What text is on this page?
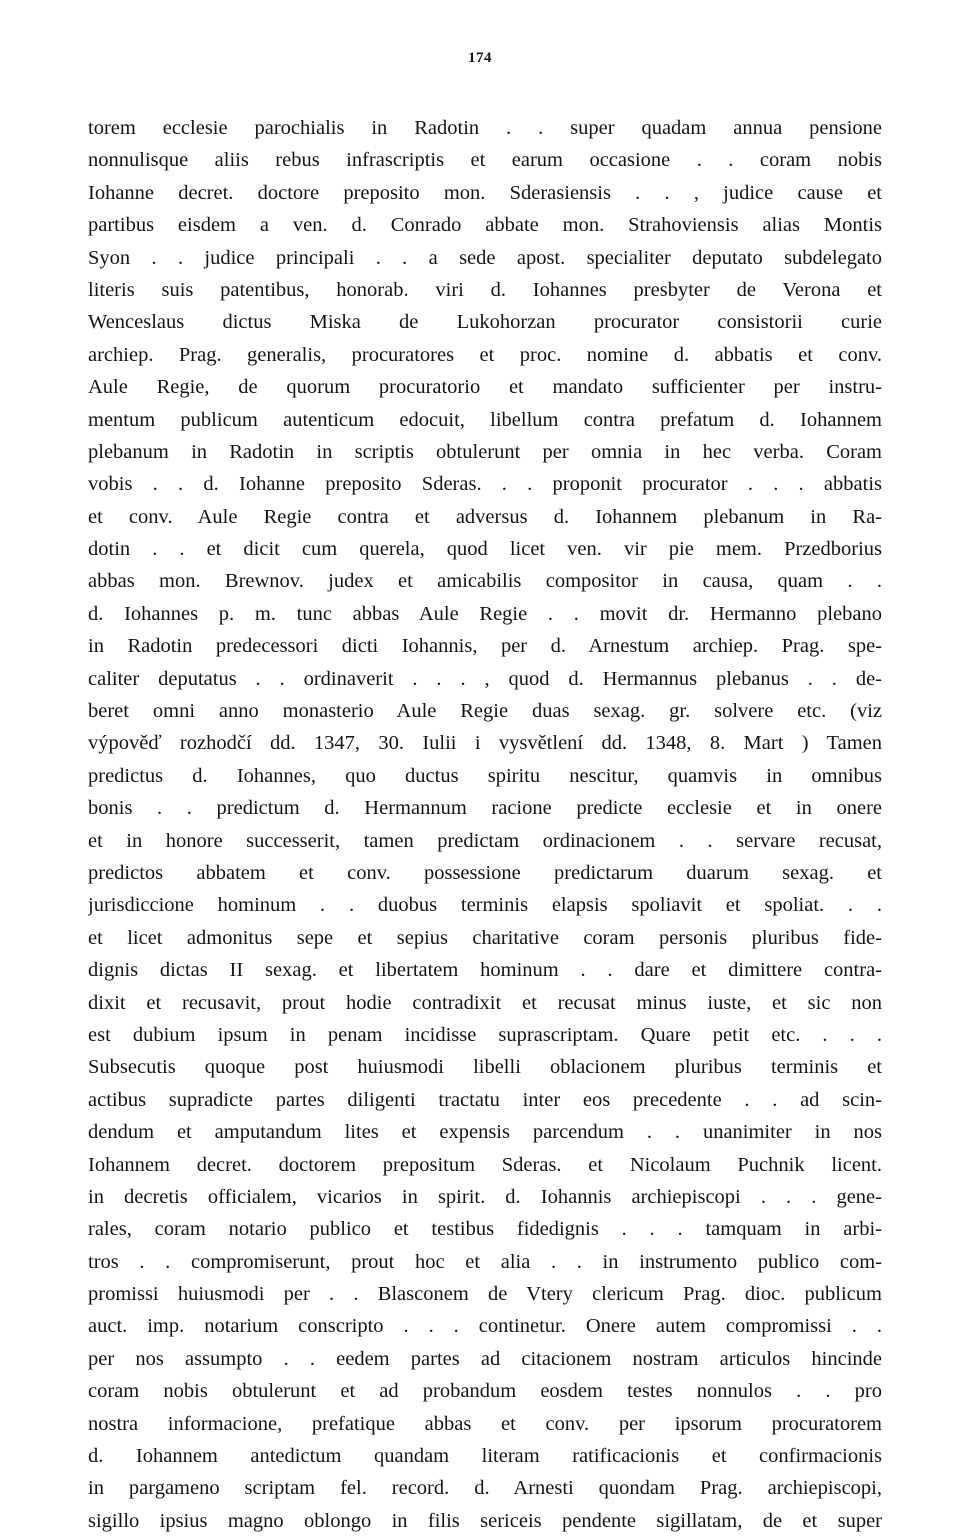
174
torem ecclesie parochialis in Radotin . . super quadam annua pensione
nonnulisque aliis rebus infrascriptis et earum occasione . . coram nobis
Iohanne decret. doctore preposito mon. Sderasiensis . . , judice cause et
partibus eisdem a ven. d. Conrado abbate mon. Strahoviensis alias Montis
Syon . . judice principali . . a sede apost. specialiter deputato subdelegato
literis suis patentibus, honorab. viri d. Iohannes presbyter de Verona et
Wenceslaus dictus Miska de Lukohorzan procurator consistorii curie
archiep. Prag. generalis, procuratores et proc. nomine d. abbatis et conv.
Aule Regie, de quorum procuratorio et mandato sufficienter per instru-
mentum publicum autenticum edocuit, libellum contra prefatum d. Iohannem
plebanum in Radotin in scriptis obtulerunt per omnia in hec verba. Coram
vobis . . d. Iohanne preposito Sderas. . . proponit procurator . . . abbatis
et conv. Aule Regie contra et adversus d. Iohannem plebanum in Ra-
dotin . . et dicit cum querela, quod licet ven. vir pie mem. Przedborius
abbas mon. Brewnov. judex et amicabilis compositor in causa, quam . .
d. Iohannes p. m. tunc abbas Aule Regie . . movit dr. Hermanno plebano
in Radotin predecessori dicti Iohannis, per d. Arnestum archiep. Prag. spe-
caliter deputatus . . ordinaverit . . . , quod d. Hermannus plebanus . . de-
beret omni anno monasterio Aule Regie duas sexag. gr. solvere etc. (viz
výpověď rozhodčí dd. 1347, 30. Iulii i vysvětlení dd. 1348, 8. Mart ) Tamen
predictus d. Iohannes, quo ductus spiritu nescitur, quamvis in omnibus
bonis . . predictum d. Hermannum racione predicte ecclesie et in onere
et in honore successerit, tamen predictam ordinacionem . . servare recusat,
predictos abbatem et conv. possessione predictarum duarum sexag. et
jurisdiccione hominum . . duobus terminis elapsis spoliavit et spoliat. . .
et licet admonitus sepe et sepius charitative coram personis pluribus fide-
dignis dictas II sexag. et libertatem hominum . . dare et dimittere contra-
dixit et recusavit, prout hodie contradixit et recusat minus iuste, et sic non
est dubium ipsum in penam incidisse suprascriptam. Quare petit etc. . . .
Subsecutis quoque post huiusmodi libelli oblacionem pluribus terminis et
actibus supradicte partes diligenti tractatu inter eos precedente . . ad scin-
dendum et amputandum lites et expensis parcendum . . unanimiter in nos
Iohannem decret. doctorem prepositum Sderas. et Nicolaum Puchnik licent.
in decretis officialem, vicarios in spirit. d. Iohannis archiepiscopi . . . gene-
rales, coram notario publico et testibus fidedignis . . . tamquam in arbi-
tros . . compromiserunt, prout hoc et alia . . in instrumento publico com-
promissi huiusmodi per . . Blasconem de Vtery clericum Prag. dioc. publicum
auct. imp. notarium conscripto . . . continetur. Onere autem compromissi . .
per nos assumpto . . eedem partes ad citacionem nostram articulos hincinde
coram nobis obtulerunt et ad probandum eosdem testes nonnulos . . pro
nostra informacione, prefatique abbas et conv. per ipsorum procuratorem
d. Iohannem antedictum quandam literam ratificacionis et confirmacionis
in pargameno scriptam fel. record. d. Arnesti quondam Prag. archiepiscopi,
sigillo ipsius magno oblongo in filis sericeis pendente sigillatam, de et super
